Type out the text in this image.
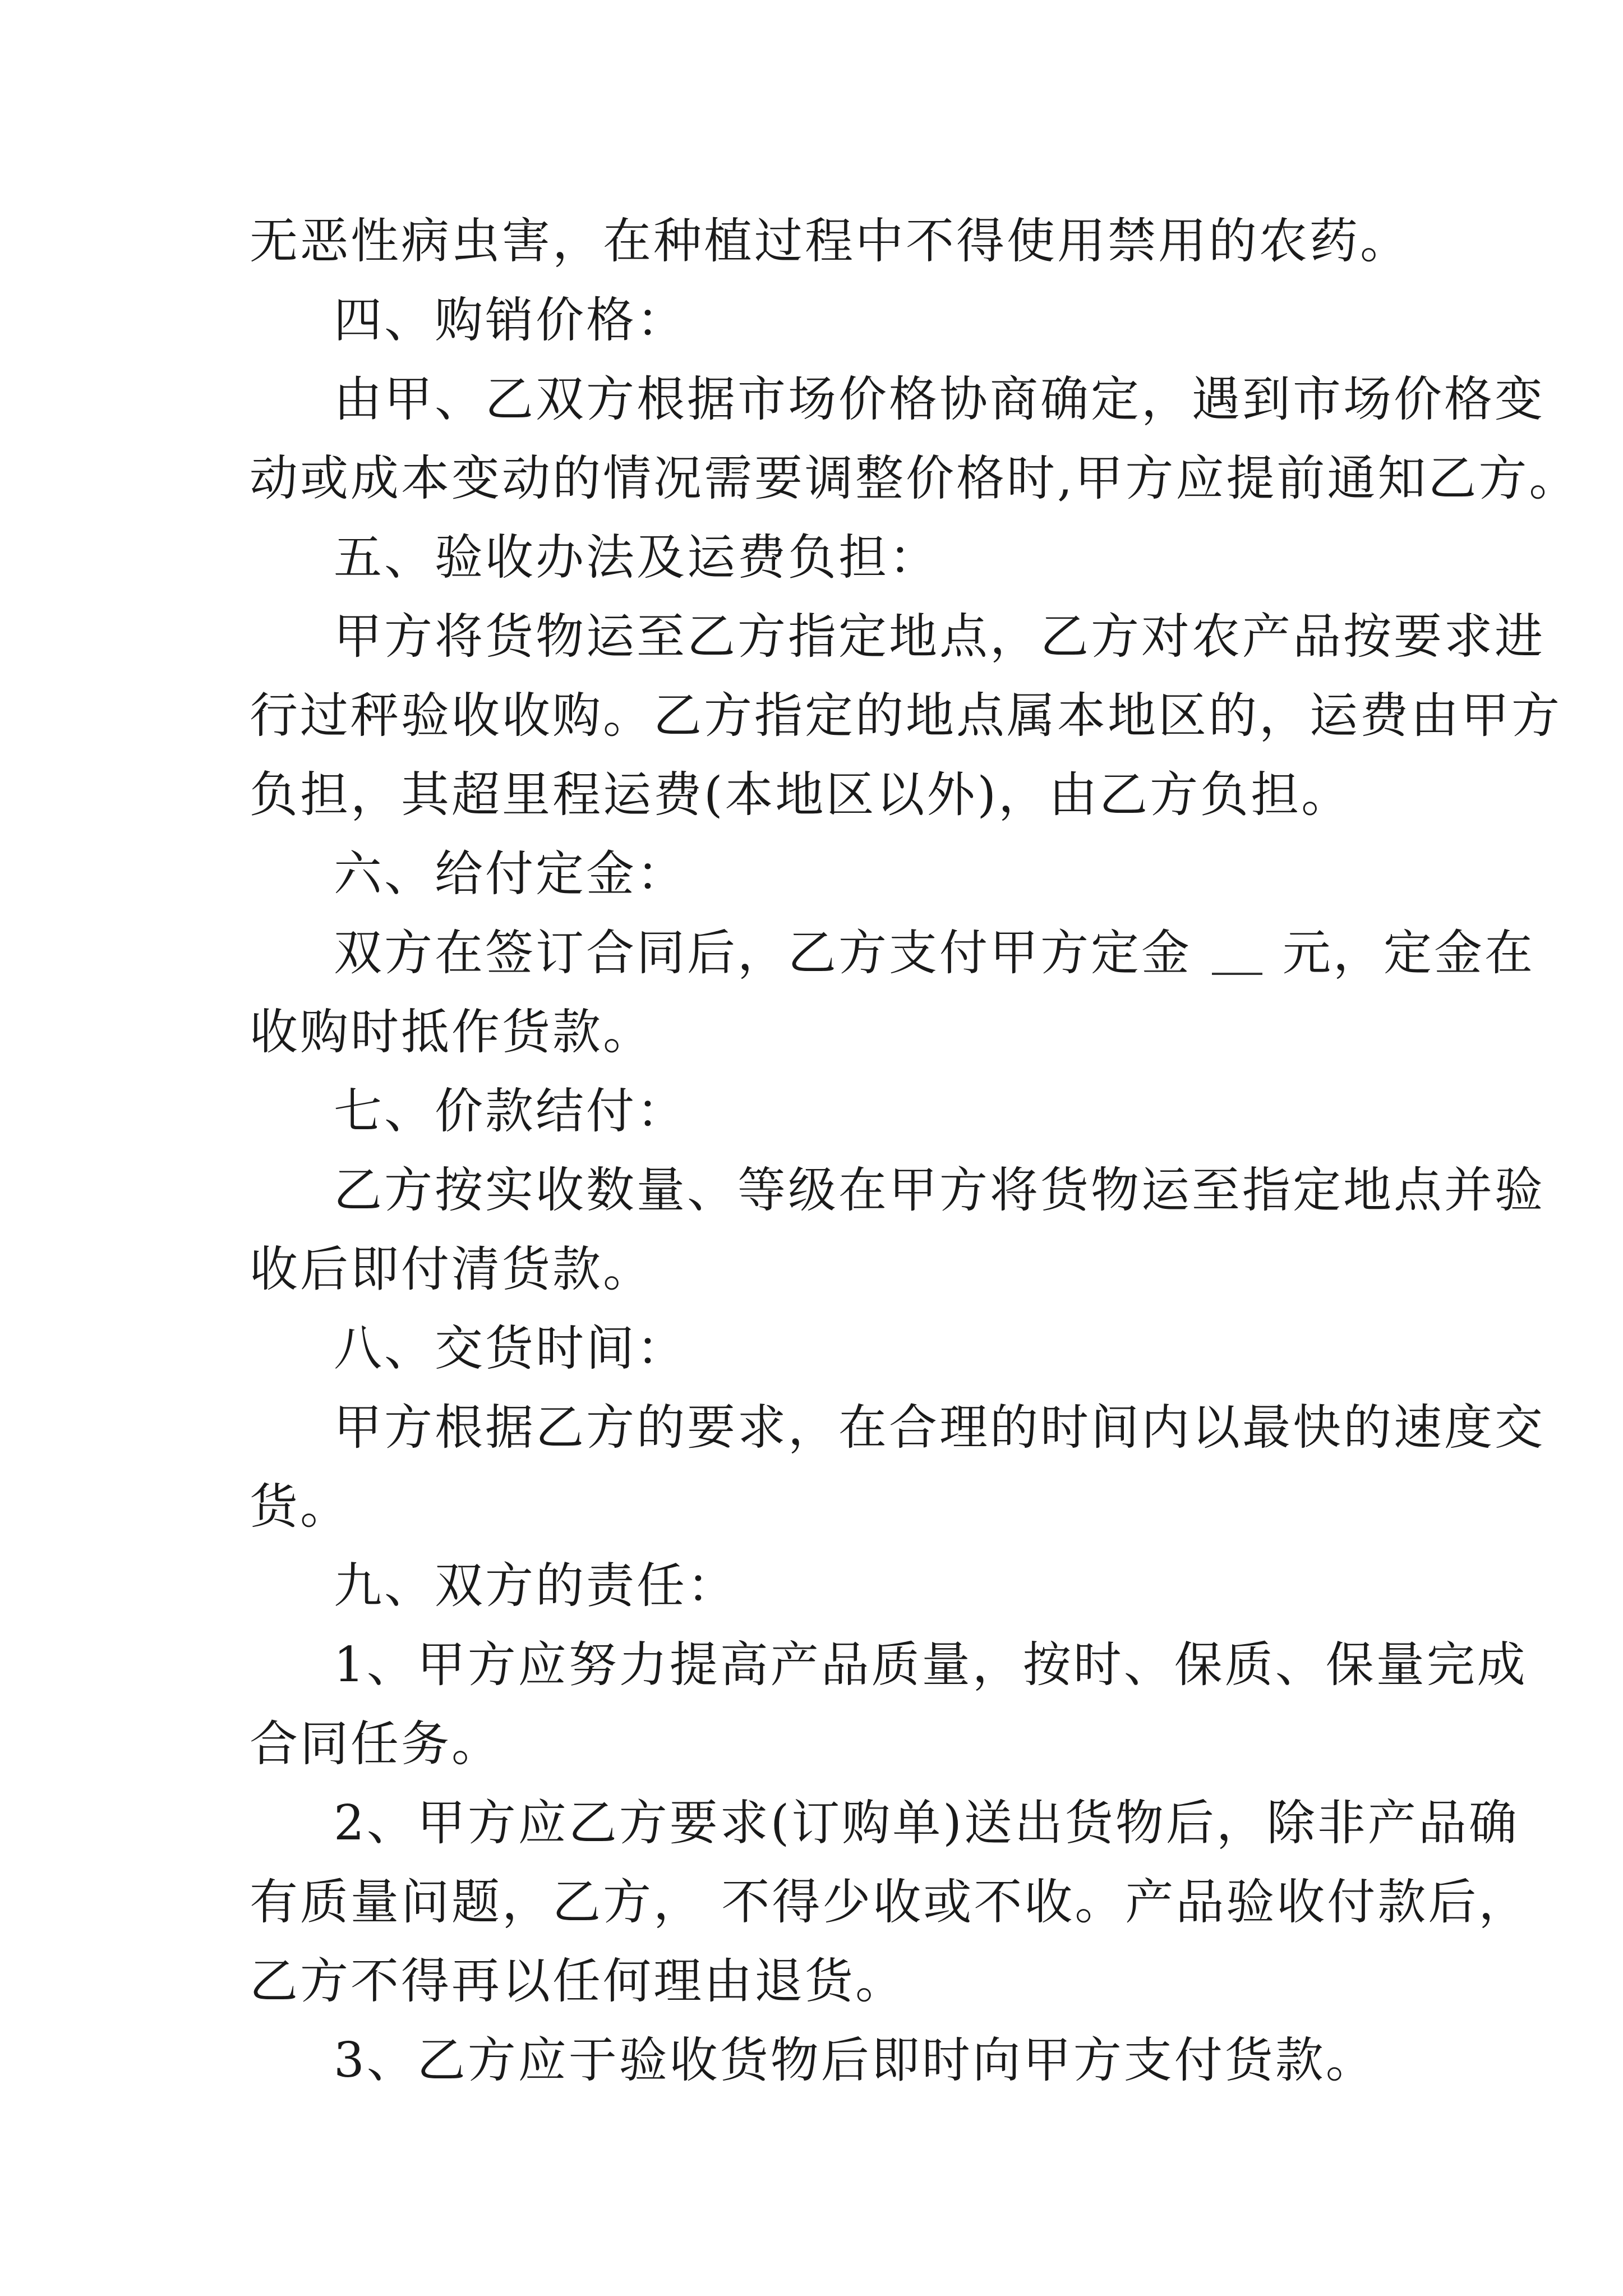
无恶性病虫害，在种植过程中不得使用禁用的农药。
四、购销价格：
由甲、乙双方根据市场价格协商确定，遇到市场价格变
动或成本变动的情况需要调整价格时,甲方应提前通知乙方。
五、验收办法及运费负担：
甲方将货物运至乙方指定地点，乙方对农产品按要求进
行过秤验收收购。乙方指定的地点属本地区的，运费由甲方
负担，其超里程运费(本地区以外)，由乙方负担。
六、给付定金：
双方在签订合同后，乙方支付甲方定金 元，定金在
收购时抵作货款。
七、价款结付：
乙方按实收数量、等级在甲方将货物运至指定地点并验
收后即付清货款。
八、交货时间：
甲方根据乙方的要求，在合理的时间内以最快的速度交
货。
九、双方的责任：
1、甲方应努力提高产品质量，按时、保质、保量完成
合同任务。
2、甲方应乙方要求(订购单)送出货物后，除非产品确
有质量问题，乙方， 不得少收或不收。产品验收付款后，
乙方不得再以任何理由退货。
3、乙方应于验收货物后即时向甲方支付货款。
